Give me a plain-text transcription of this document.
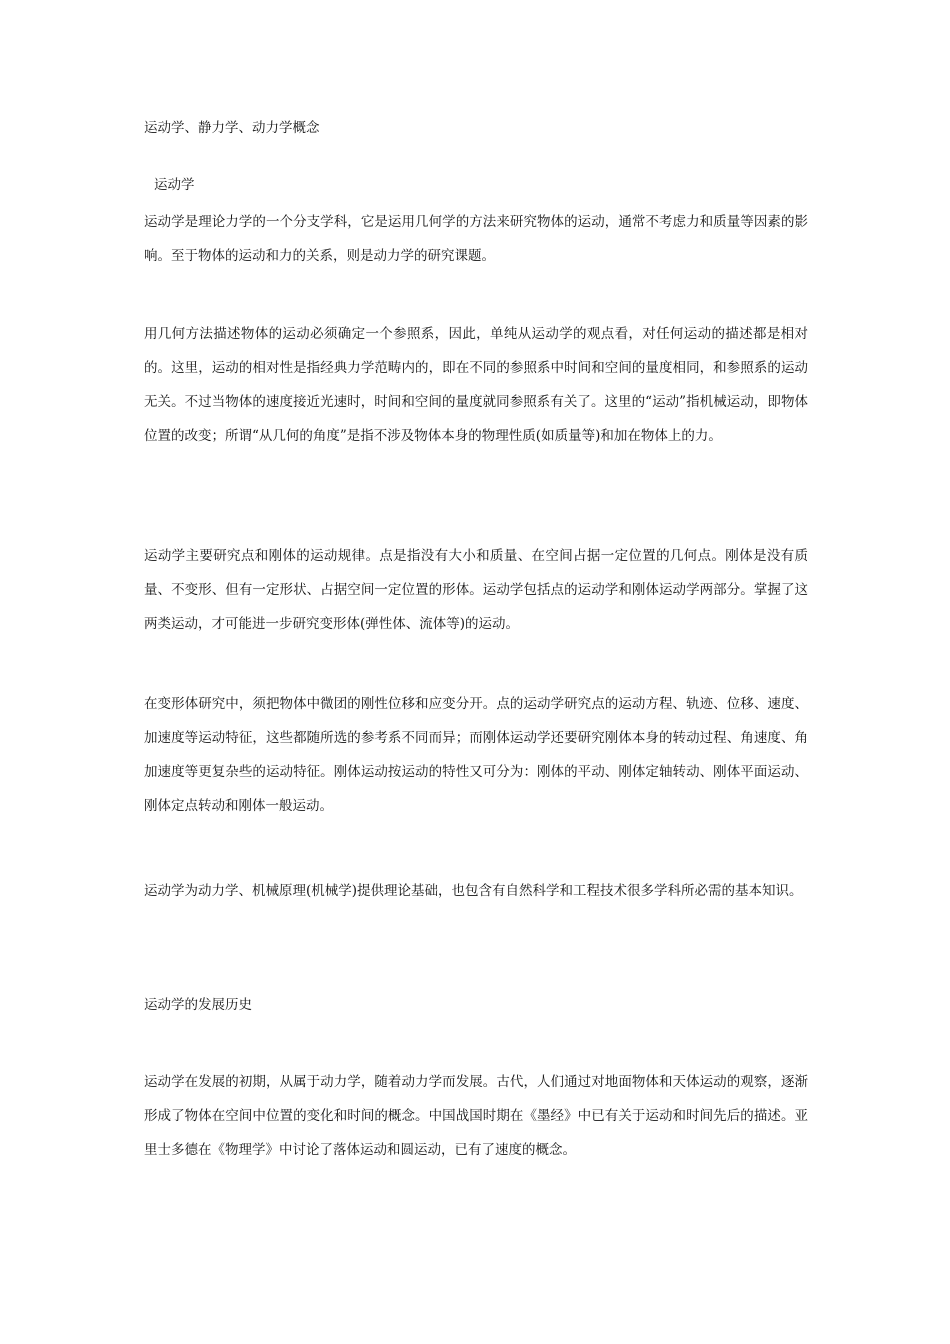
运动学、静力学、动力学概念
运动学

运动学是理论力学的一个分支学科，它是运用几何学的方法来研究物体的运动，通常不考虑力和质量等因素的影响。至于物体的运动和力的关系，则是动力学的研究课题。

用几何方法描述物体的运动必须确定一个参照系，因此，单纯从运动学的观点看，对任何运动的描述都是相对的。这里，运动的相对性是指经典力学范畴内的，即在不同的参照系中时间和空间的量度相同，和参照系的运动无关。不过当物体的速度接近光速时，时间和空间的量度就同参照系有关了。这里的“运动”指机械运动，即物体位置的改变；所谓“从几何的角度”是指不涉及物体本身的物理性质(如质量等)和加在物体上的力。

运动学主要研究点和刚体的运动规律。点是指没有大小和质量、在空间占据一定位置的几何点。刚体是没有质量、不变形、但有一定形状、占据空间一定位置的形体。运动学包括点的运动学和刚体运动学两部分。掌握了这两类运动，才可能进一步研究变形体(弹性体、流体等)的运动。

在变形体研究中，须把物体中微团的刚性位移和应变分开。点的运动学研究点的运动方程、轨迹、位移、速度、加速度等运动特征，这些都随所选的参考系不同而异；而刚体运动学还要研究刚体本身的转动过程、角速度、角加速度等更复杂些的运动特征。刚体运动按运动的特性又可分为：刚体的平动、刚体定轴转动、刚体平面运动、刚体定点转动和刚体一般运动。

运动学为动力学、机械原理(机械学)提供理论基础，也包含有自然科学和工程技术很多学科所必需的基本知识。

运动学的发展历史

运动学在发展的初期，从属于动力学，随着动力学而发展。古代，人们通过对地面物体和天体运动的观察，逐渐形成了物体在空间中位置的变化和时间的概念。中国战国时期在《墨经》中已有关于运动和时间先后的描述。亚里士多德在《物理学》中讨论了落体运动和圆运动，已有了速度的概念。
